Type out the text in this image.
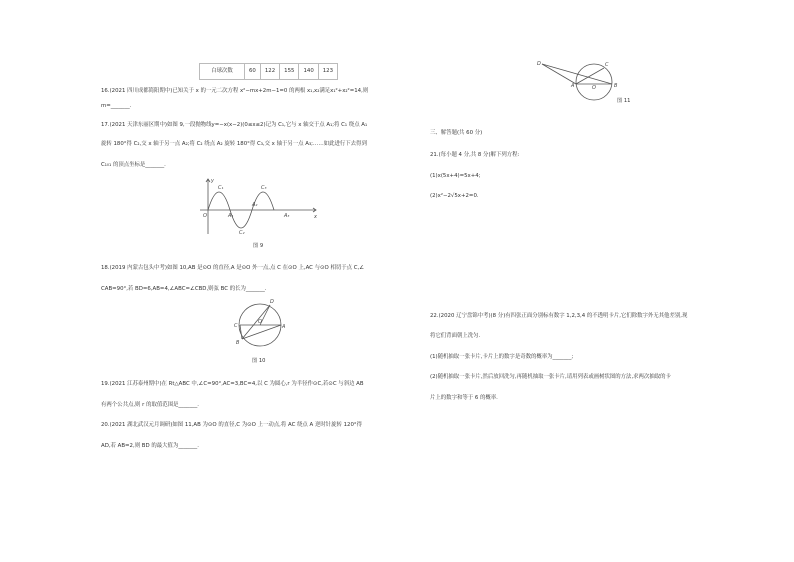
白球次数	60	122	155	140	123
16.(2021 四川成都简阳期中)已知关于 x 的一元二次方程 x²−mx+2m−1=0 的两根 x₁,x₂满足x₁²+x₂²=14,则
m=_______.
17.(2021 天津东丽区期中)如图 9,一段抛物线y=−x(x−2)(0≤x≤2)记为 C₁,它与 x 轴交于点 A₁;将 C₁ 绕点 A₁
旋转 180°得 C₂,交 x 轴于另一点 A₂;将 C₂ 绕点 A₂ 旋转 180°得 C₃,交 x 轴于另一点 A₃;……如此进行下去得到
C₁₀₁ 的顶点坐标是_______.
y
x
O
C₁
C₂
C₃
A₁
A₂
A₃
图 9
18.(2019 内蒙古包头中考)如图 10,AB 是⊙O 的直径,A 是⊙O 外一点,点 C 在⊙O 上,AC 与⊙O 相切于点 C,∠
CAB=90°,若 BD=6,AB=4,∠ABC=∠CBD,则弦 BC 的长为_______.
C
O
A
B
D
图 10
19.(2021 江苏泰州期中)在 Rt△ABC 中,∠C=90°,AC=3,BC=4,以 C 为圆心,r 为半径作⊙C,若⊙C 与斜边 AB
有两个公共点,则 r 的取值范围是_______.
20.(2021 湖北武汉元月调研)如图 11,AB 为⊙O 的直径,C 为⊙O 上一动点,将 AC 绕点 A 逆时针旋转 120°得
AD,若 AB=2,则 BD 的最大值为_______.
D
A	O	B
C
图 11
三、解答题(共 60 分)
21.(每小题 4 分,共 8 分)解下列方程:
(1)x(5x+4)=5x+4;
(2)x²−2√5x+2=0.
22.(2020 辽宁盘锦中考)(8 分)有四张正面分别标有数字 1,2,3,4 的不透明卡片,它们除数字外无其他差别,现
将它们背面朝上洗匀.
(1)随机抽取一张卡片,卡片上的数字是奇数的概率为_______;
(2)随机抽取一张卡片,然后放回洗匀,再随机抽取一张卡片,请用列表或画树状图的方法,求两次抽取的卡
片上的数字和等于 6 的概率.
